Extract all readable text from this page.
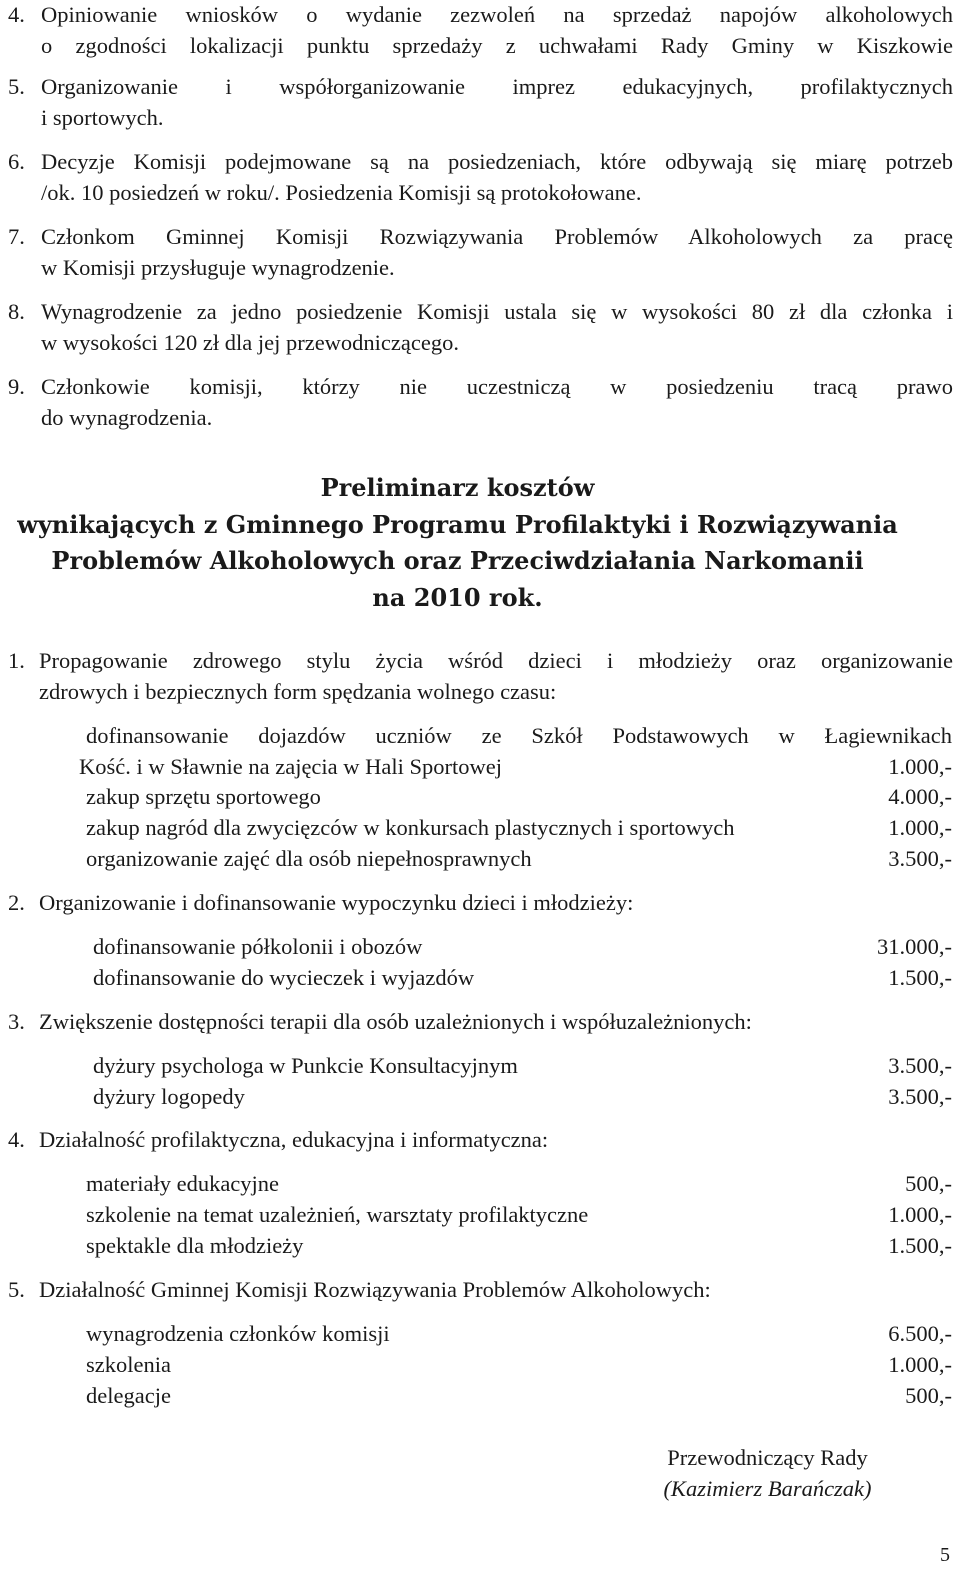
4. Opiniowanie wniosków o wydanie zezwoleń na sprzedaż napojów alkoholowych
o zgodności lokalizacji punktu sprzedaży z uchwałami Rady Gminy w Kiszkowie
5. Organizowanie i współorganizowanie imprez edukacyjnych, profilaktycznych
i sportowych.
6. Decyzje Komisji podejmowane są na posiedzeniach, które odbywają się miarę potrzeb
/ok. 10 posiedzeń w roku/. Posiedzenia Komisji są protokołowane.
7. Członkom Gminnej Komisji Rozwiązywania Problemów Alkoholowych za pracę
w Komisji przysługuje wynagrodzenie.
8. Wynagrodzenie za jedno posiedzenie Komisji ustala się w wysokości 80 zł dla członka i
w wysokości 120 zł dla jej przewodniczącego.
9. Członkowie komisji, którzy nie uczestniczą w posiedzeniu tracą prawo
do wynagrodzenia.
Preliminarz kosztów
wynikających z Gminnego Programu Profilaktyki i Rozwiązywania
Problemów Alkoholowych oraz Przeciwdziałania Narkomanii
na 2010 rok.
1. Propagowanie zdrowego stylu życia wśród dzieci i młodzieży oraz organizowanie
zdrowych i bezpiecznych form spędzania wolnego czasu:
dofinansowanie dojazdów uczniów ze Szkół Podstawowych w Łagiewnikach
Kość. i w Sławnie na zajęcia w Hali Sportowej	1.000,-
zakup sprzętu sportowego	4.000,-
zakup nagród dla zwycięzców w konkursach plastycznych i sportowych	1.000,-
organizowanie zajęć dla osób niepełnosprawnych	3.500,-
2. Organizowanie i dofinansowanie wypoczynku dzieci i młodzieży:
dofinansowanie półkolonii i obozów	31.000,-
dofinansowanie do wycieczek i wyjazdów	1.500,-
3. Zwiększenie dostępności terapii dla osób uzależnionych i współuzależnionych:
dyżury psychologa w Punkcie Konsultacyjnym	3.500,-
dyżury logopedy	3.500,-
4. Działalność profilaktyczna, edukacyjna i informatyczna:
materiały edukacyjne	500,-
szkolenie na temat uzależnień, warsztaty profilaktyczne	1.000,-
spektakle dla młodzieży	1.500,-
5. Działalność Gminnej Komisji Rozwiązywania Problemów Alkoholowych:
wynagrodzenia członków komisji	6.500,-
szkolenia	1.000,-
delegacje	500,-
Przewodniczący Rady
(Kazimierz Barańczak)
5
